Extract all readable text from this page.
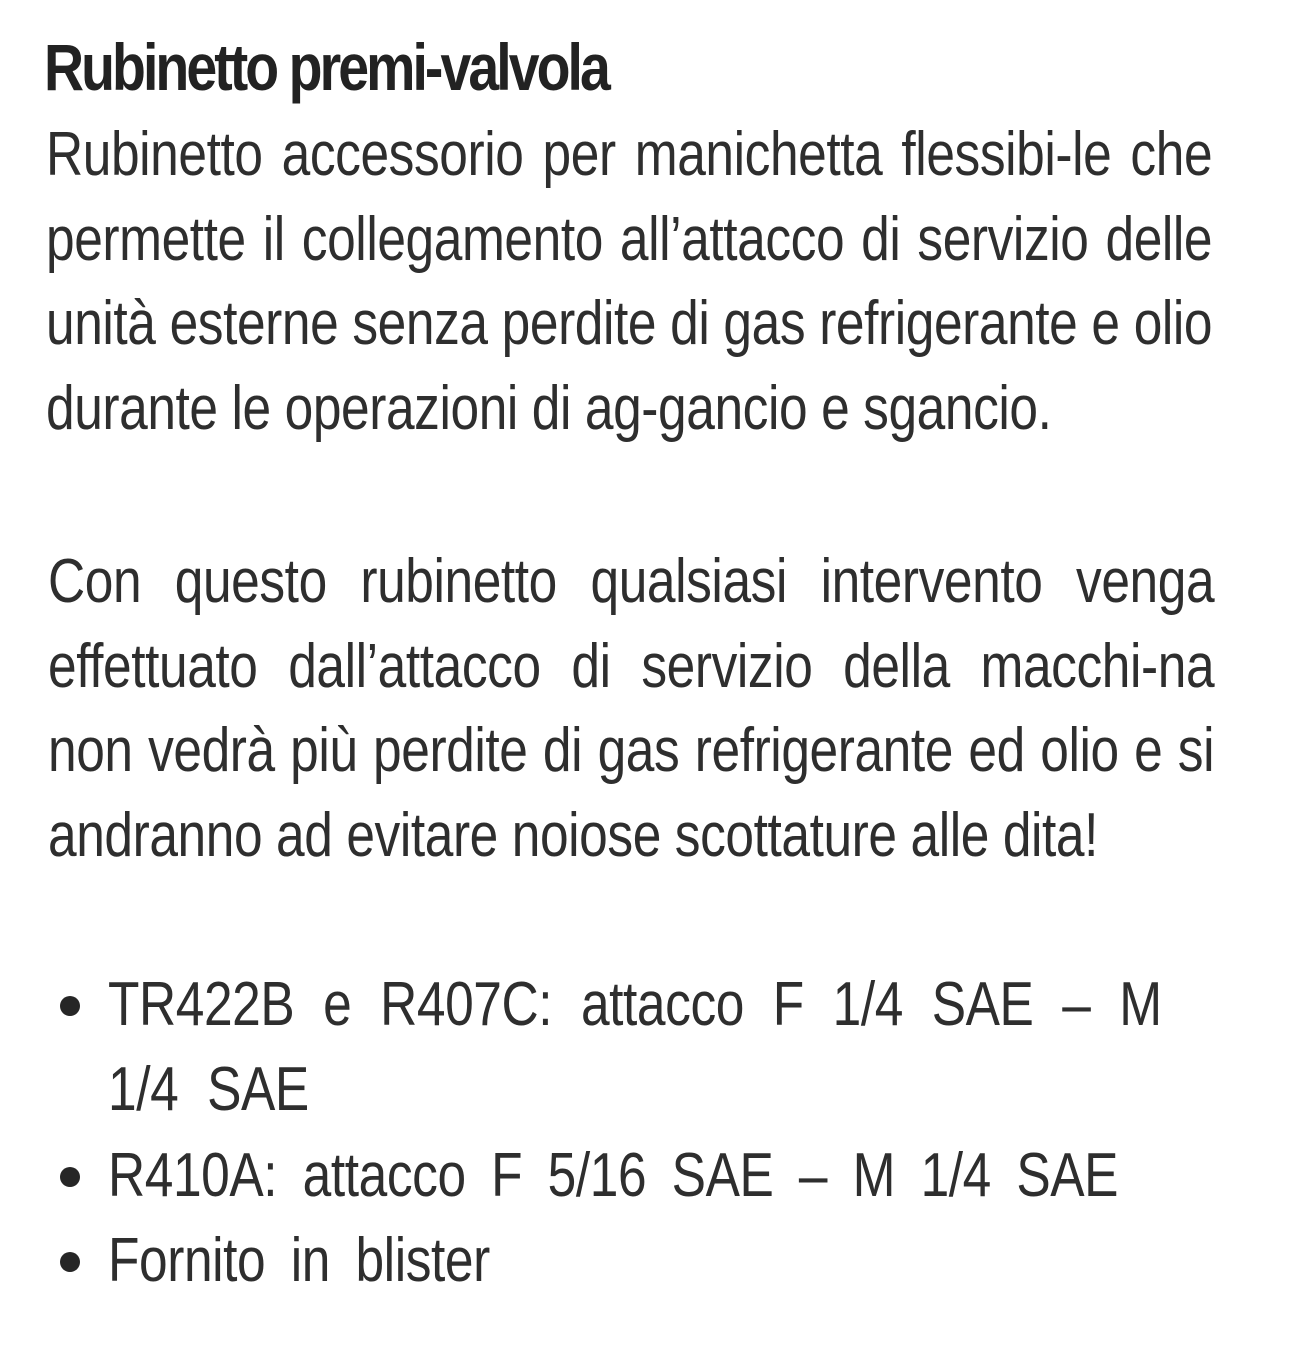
Rubinetto premi-valvola

Rubinetto accessorio per manichetta flessibi-le che permette il collegamento all’attacco di servizio delle unità esterne senza perdite di gas refrigerante e olio durante le operazioni di ag-gancio e sgancio.

Con questo rubinetto qualsiasi intervento venga effettuato dall’attacco di servizio della macchi-na non vedrà più perdite di gas refrigerante ed olio e si andranno ad evitare noiose scottature alle dita!

TR422B e R407C: attacco F 1/4 SAE – M 1/4 SAE
R410A: attacco F 5/16 SAE – M 1/4 SAE
Fornito in blister
